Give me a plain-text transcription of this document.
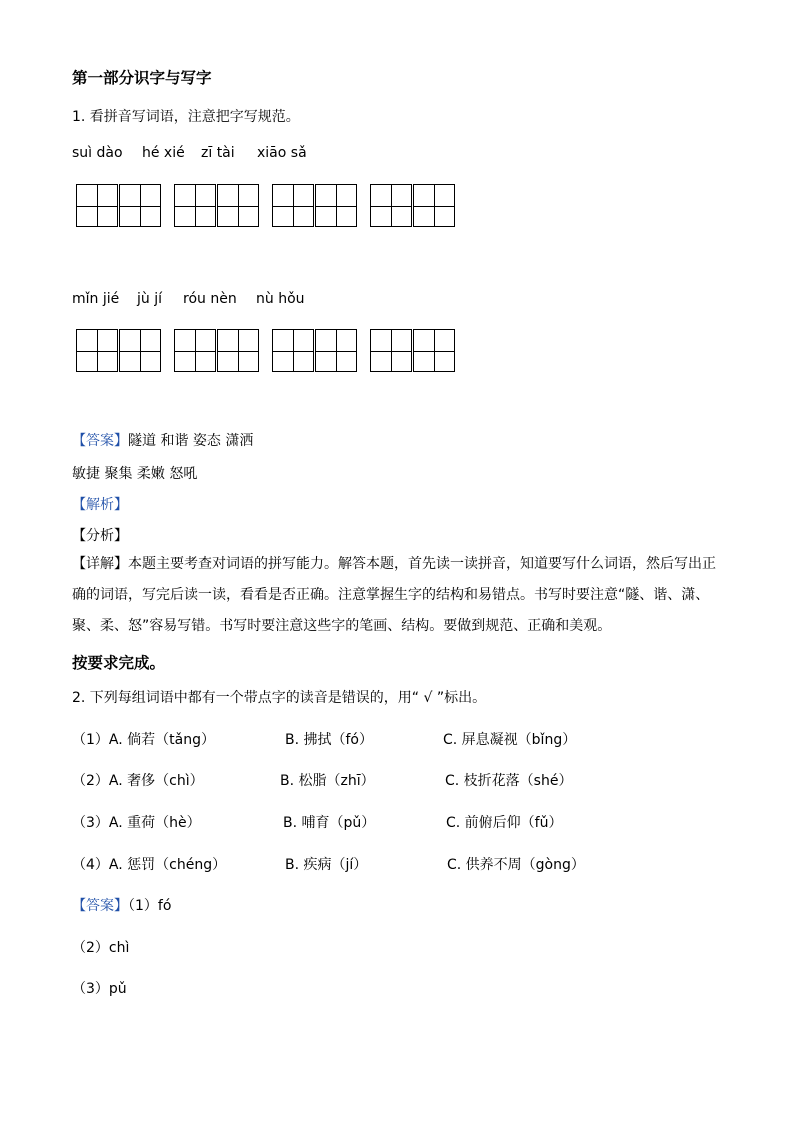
第一部分识字与写字
1. 看拼音写词语，注意把字写规范。
suì dào hé xié zī tài xiāo sǎ
mǐn jié jù jí róu nèn nù hǒu
【答案】隧道 和谐 姿态 潇洒
敏捷 聚集 柔嫩 怒吼
【解析】
【分析】
【详解】本题主要考查对词语的拼写能力。解答本题，首先读一读拼音，知道要写什么词语，然后写出正确的词语，写完后读一读，看看是否正确。注意掌握生字的结构和易错点。书写时要注意“隧、谐、潇、聚、柔、怒”容易写错。书写时要注意这些字的笔画、结构。要做到规范、正确和美观。
按要求完成。
2. 下列每组词语中都有一个带点字的读音是错误的，用“ √ ”标出。
（1）A. 倘若（tǎng）	B. 拂拭（fó）	C. 屏息凝视（bǐng）
（2）A. 奢侈（chì）	B. 松脂（zhī）	C. 枝折花落（shé）
（3）A. 重荷（hè）	B. 哺育（pǔ）	C. 前俯后仰（fǔ）
（4）A. 惩罚（chéng）	B. 疾病（jí）	C. 供养不周（gòng）
【答案】（1）fó
（2）chì
（3）pǔ
